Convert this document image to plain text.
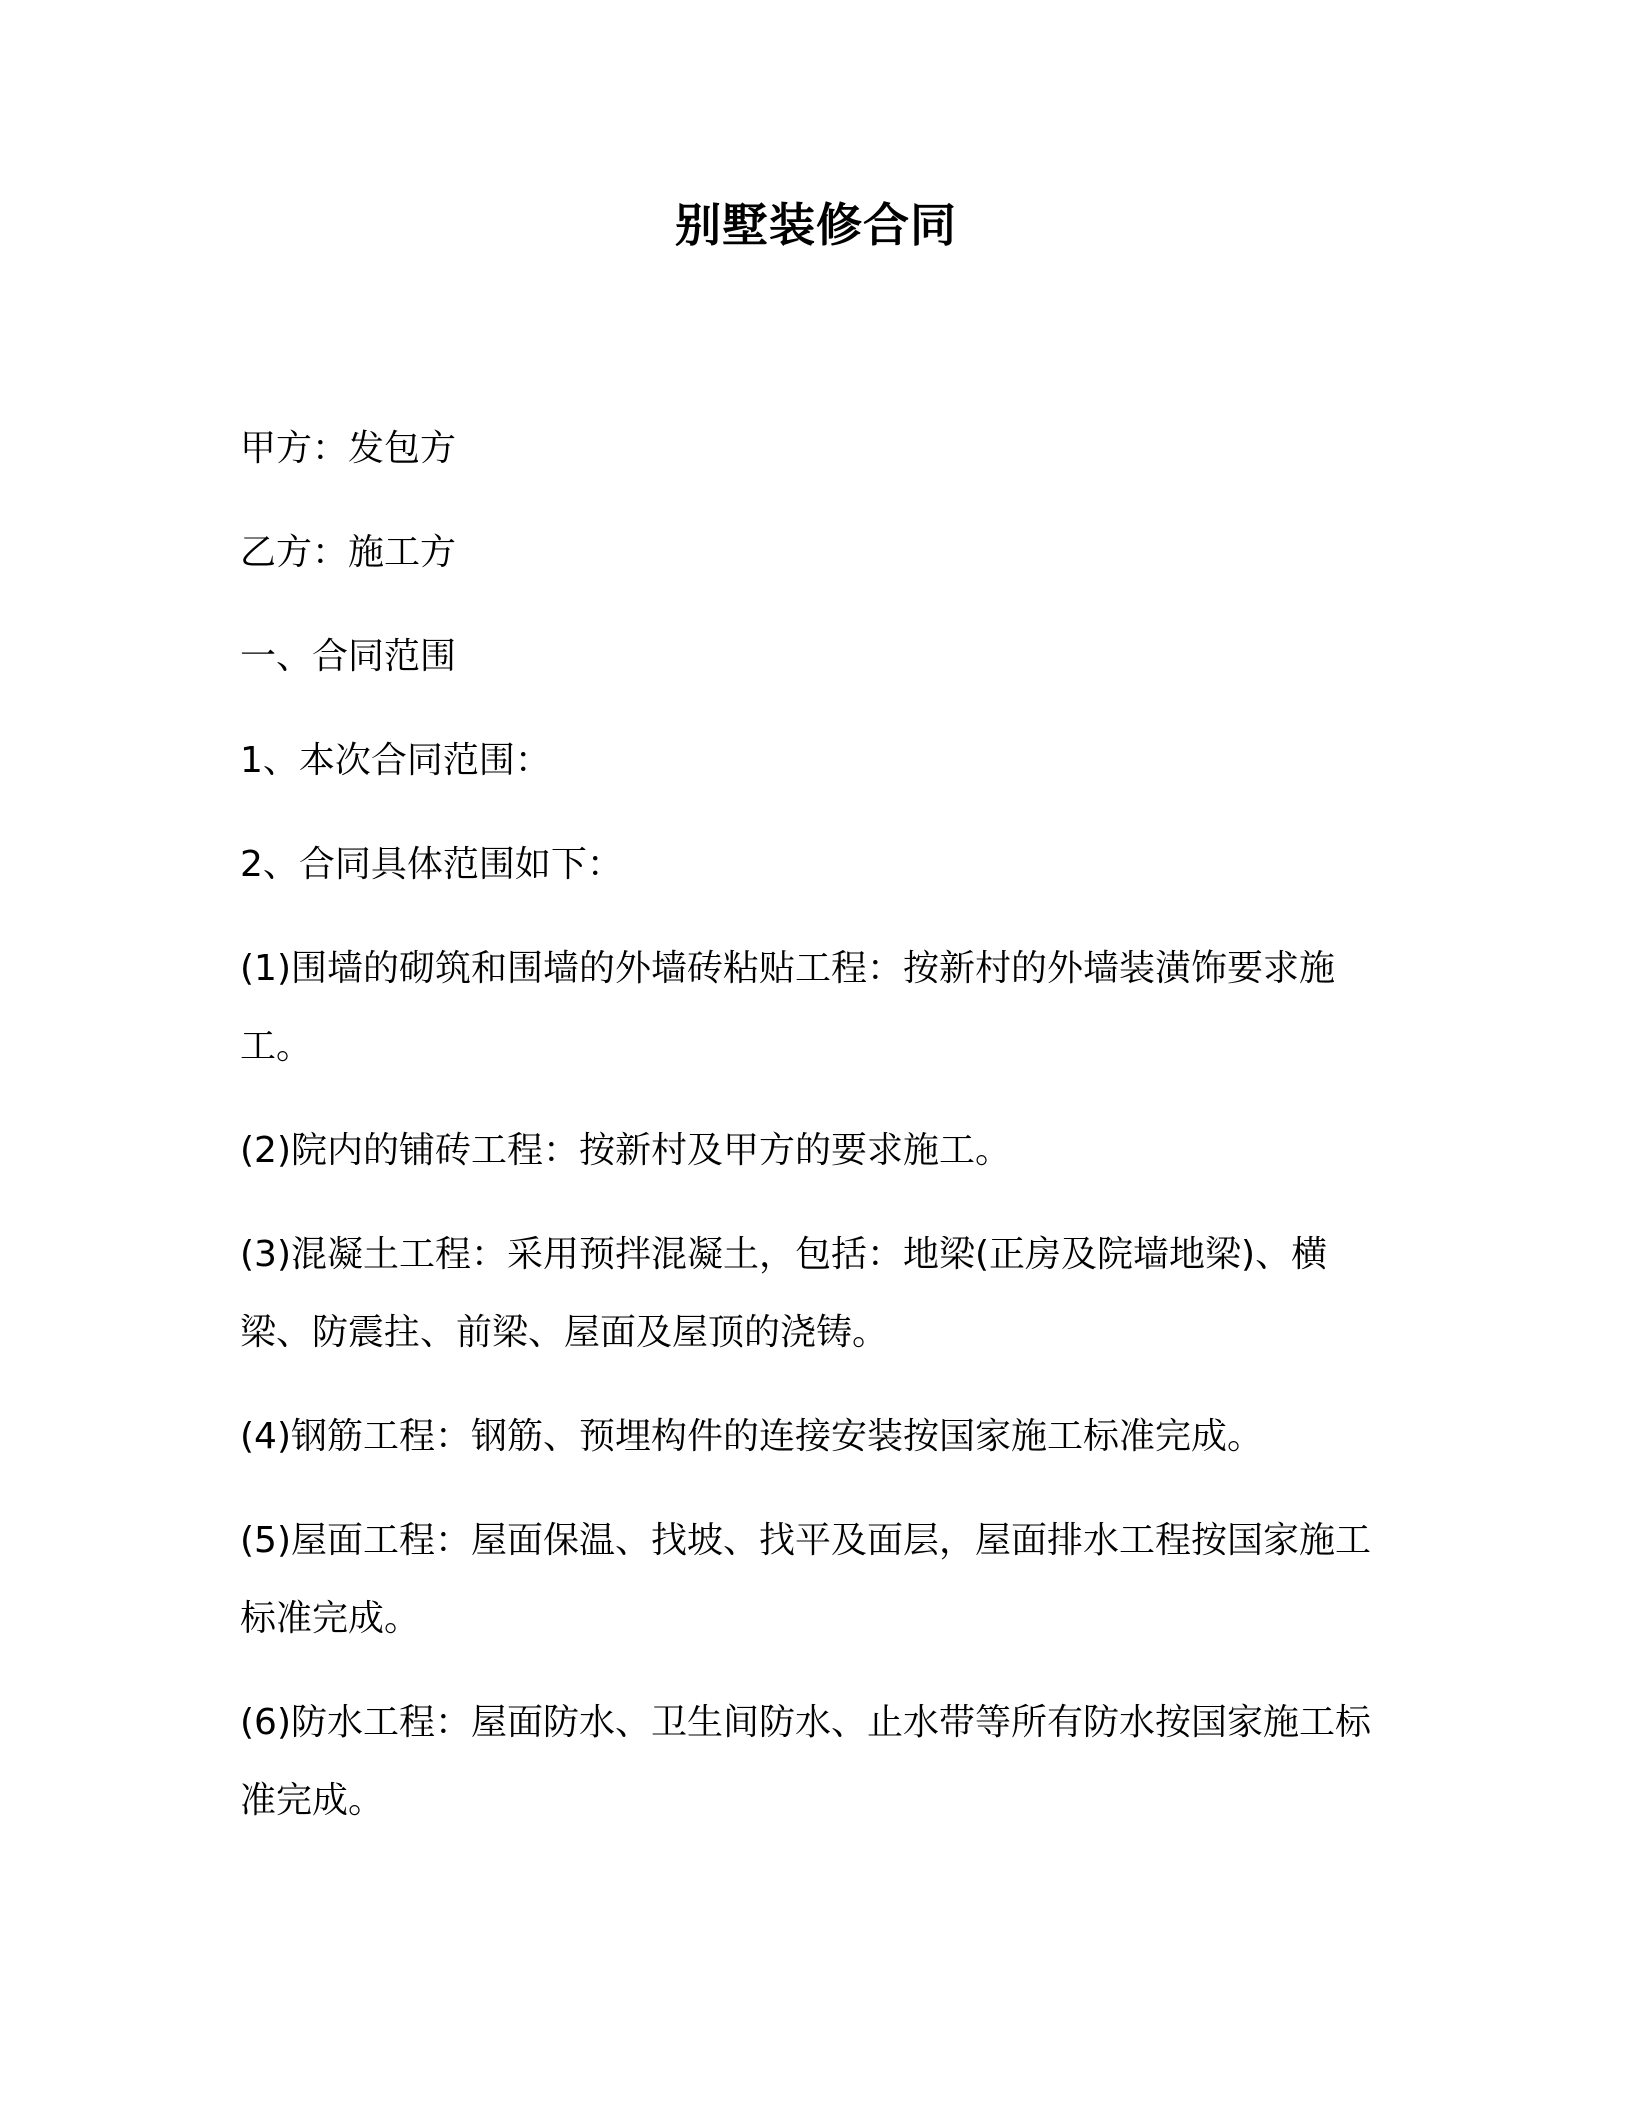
别墅装修合同

甲方：发包方

乙方：施工方

一、合同范围

1、本次合同范围：

2、合同具体范围如下：

(1)围墙的砌筑和围墙的外墙砖粘贴工程：按新村的外墙装潢饰要求施工。

(2)院内的铺砖工程：按新村及甲方的要求施工。

(3)混凝土工程：采用预拌混凝土，包括：地梁(正房及院墙地梁)、横梁、防震拄、前梁、屋面及屋顶的浇铸。

(4)钢筋工程：钢筋、预埋构件的连接安装按国家施工标准完成。

(5)屋面工程：屋面保温、找坡、找平及面层，屋面排水工程按国家施工标准完成。

(6)防水工程：屋面防水、卫生间防水、止水带等所有防水按国家施工标准完成。
